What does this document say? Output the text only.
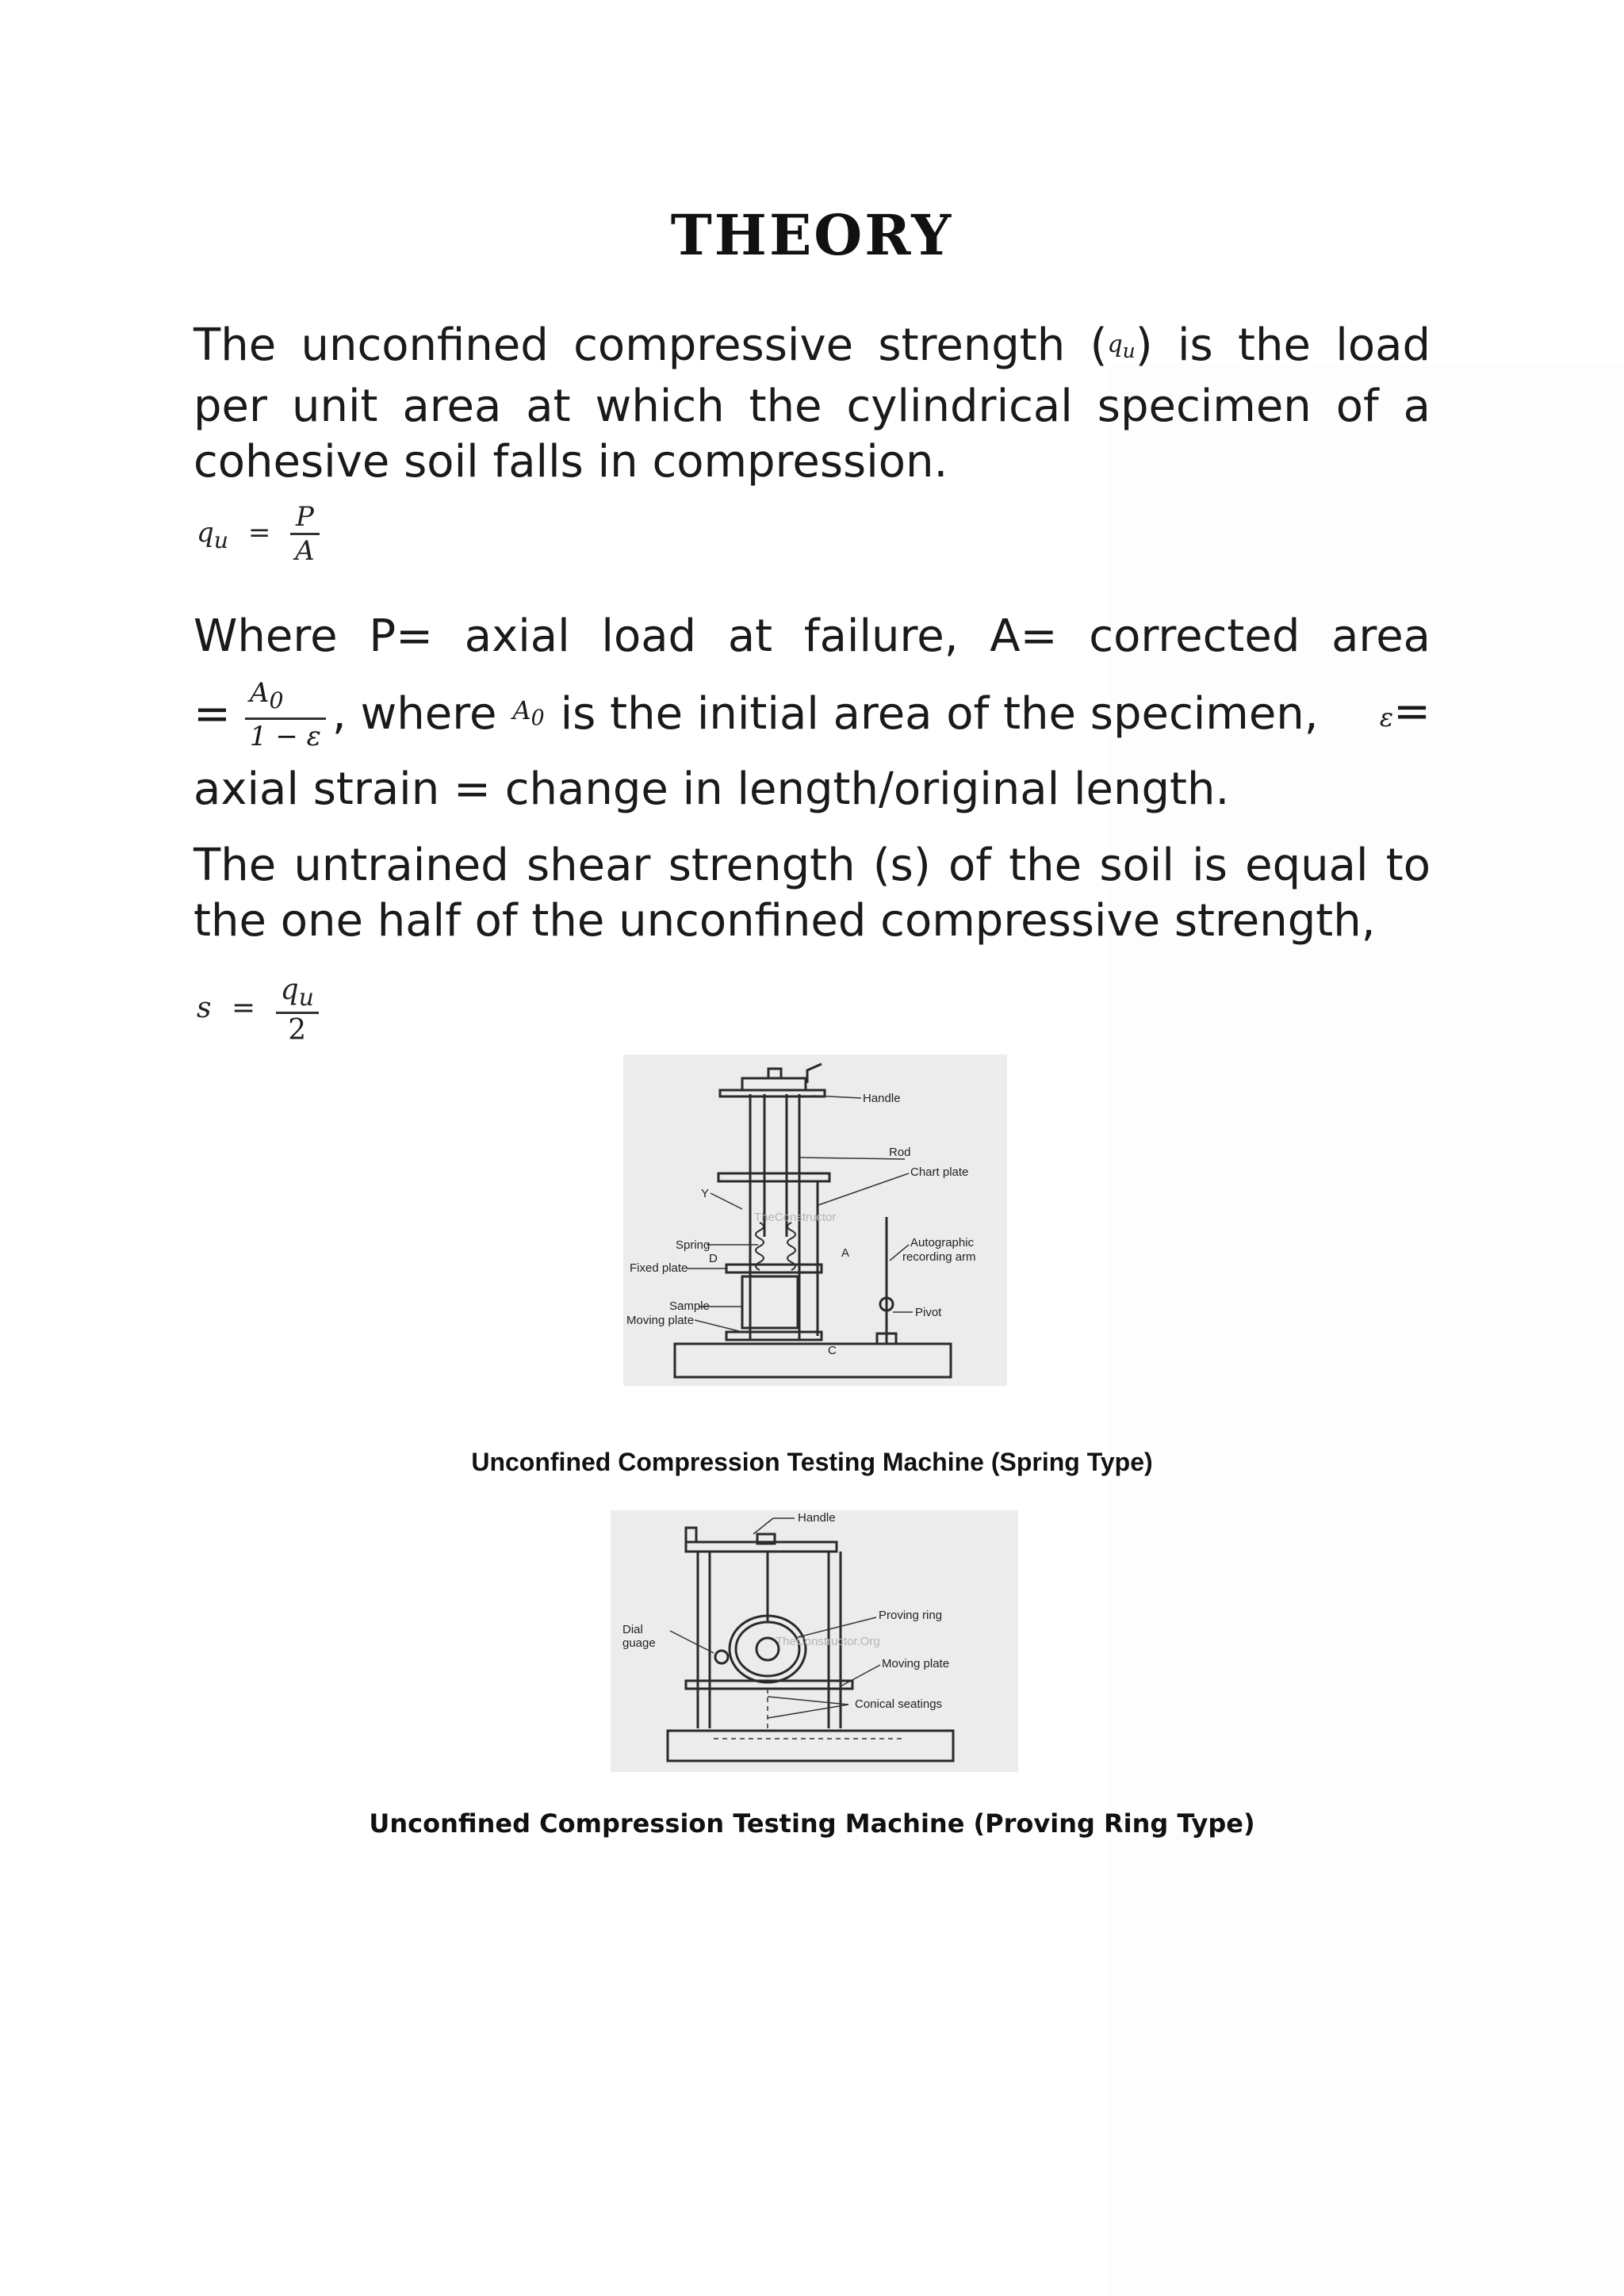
THEORY
The unconfined compressive strength $(q_u)$ is the load per unit area at which the cylindrical specimen of a cohesive soil falls in compression.
$q_u = \frac{P}{A}$
Where P= axial load at failure, A= corrected area
= $\frac{A_0}{1 - \varepsilon}$ , where $A_0$ is the initial area of the specimen, ε=
axial strain = change in length/original length.
The untrained shear strength (s) of the soil is equal to the one half of the unconfined compressive strength,
$s = \frac{q_u}{2}$
Handle
Rod
Chart plate
Y
TheConstructor
Spring
D	A
Autographic
recording arm
Fixed plate
Sample
Moving plate
Pivot
C
Unconfined Compression Testing Machine (Spring Type)
Handle
Proving ring
TheConstructor.Org
Dial
guage
Moving plate
Conical seatings
Unconfined Compression Testing Machine (Proving Ring Type)
